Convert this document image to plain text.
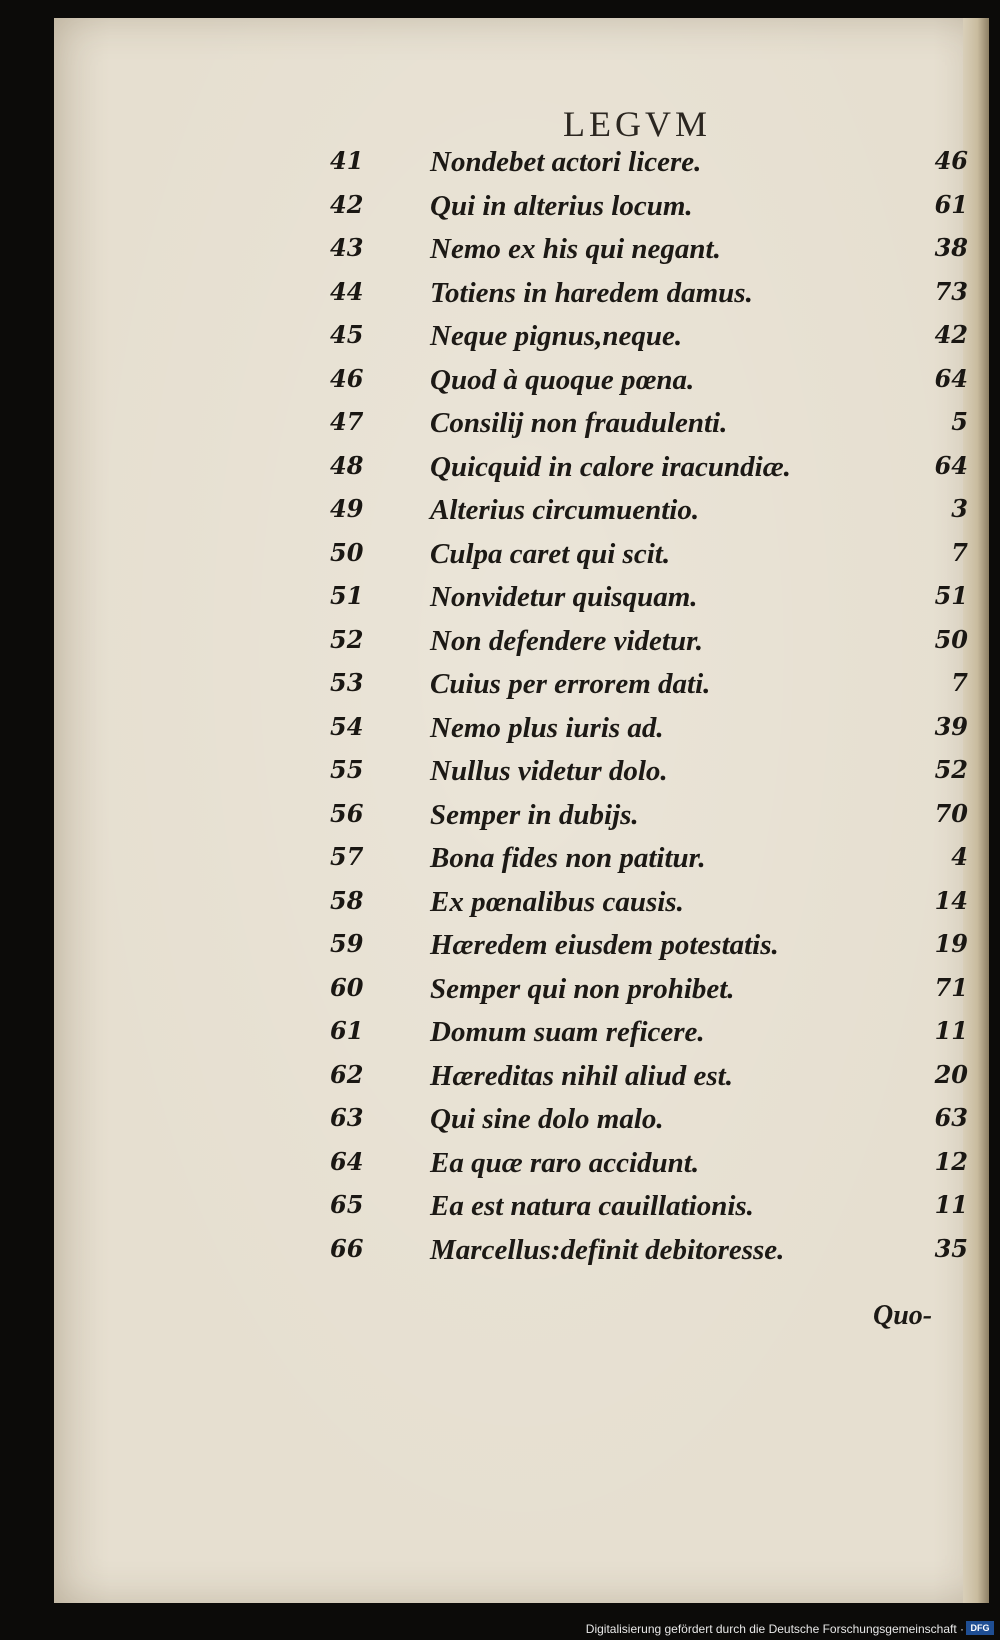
LEGVM
41	Nondebet actori licere.	46
42	Qui in alterius locum.	61
43	Nemo ex his qui negant.	38
44	Totiens in haredem damus.	73
45	Neque pignus,neque.	42
46	Quod à quoque pœna.	64
47	Consilij non fraudulenti.	5
48	Quicquid in calore iracundiæ.	64
49	Alterius circumuentio.	3
50	Culpa caret qui scit.	7
51	Nonvidetur quisquam.	51
52	Non defendere videtur.	50
53	Cuius per errorem dati.	7
54	Nemo plus iuris ad.	39
55	Nullus videtur dolo.	52
56	Semper in dubijs.	70
57	Bona fides non patitur.	4
58	Ex pœnalibus causis.	14
59	Hæredem eiusdem potestatis.	19
60	Semper qui non prohibet.	71
61	Domum suam reficere.	11
62	Hæreditas nihil aliud est.	20
63	Qui sine dolo malo.	63
64	Ea quæ raro accidunt.	12
65	Ea est natura cauillationis.	11
66	Marcellus:definit debitoresse.	35
Quo-
Digitalisierung gefördert durch die Deutsche Forschungsgemeinschaft · DFG
